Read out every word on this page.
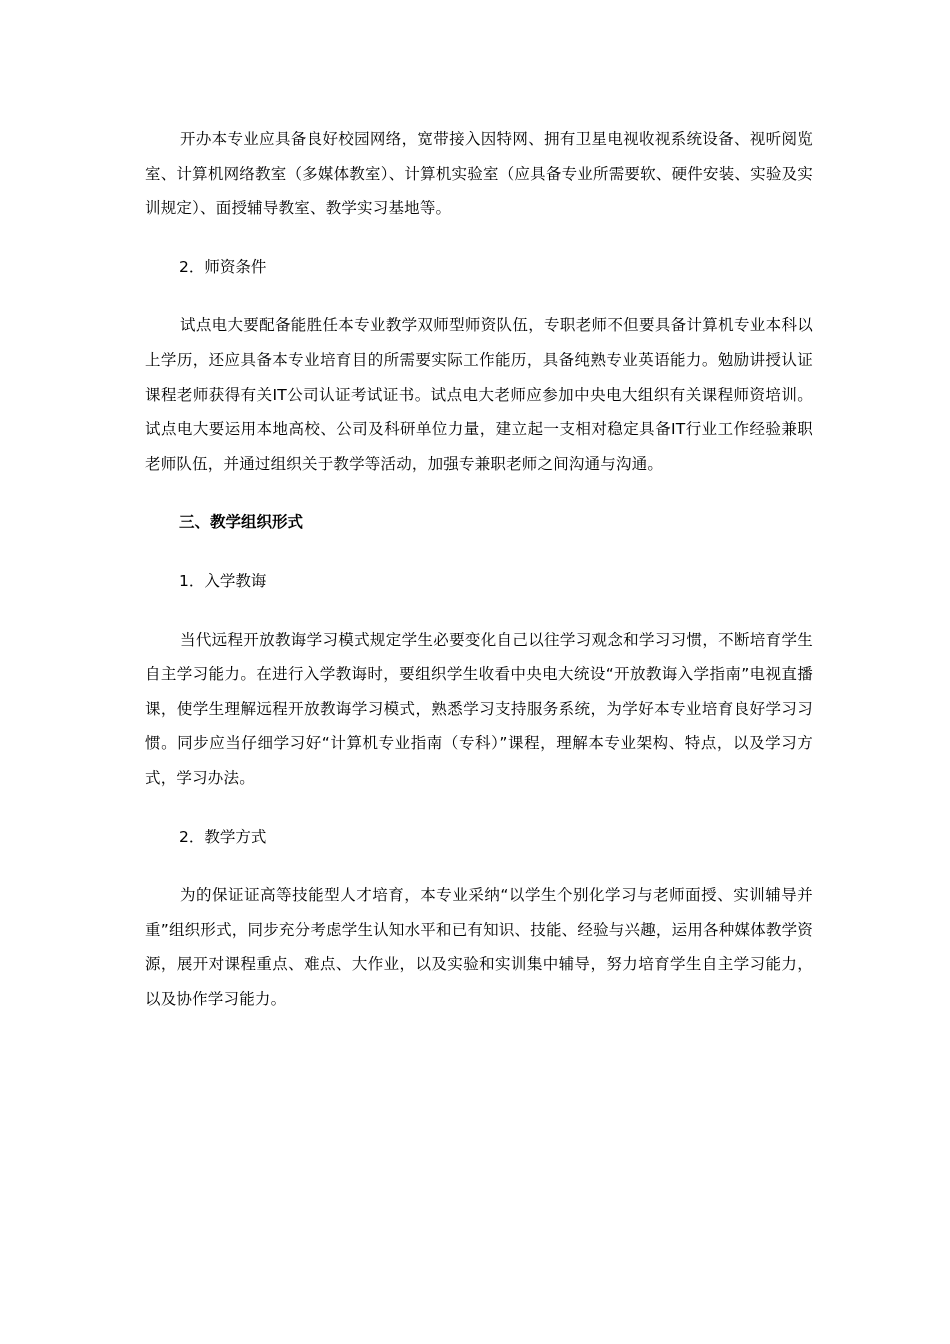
开办本专业应具备良好校园网络，宽带接入因特网、拥有卫星电视收视系统设备、视听阅览室、计算机网络教室（多媒体教室）、计算机实验室（应具备专业所需要软、硬件安装、实验及实训规定）、面授辅导教室、教学实习基地等。

2．师资条件

试点电大要配备能胜任本专业教学双师型师资队伍，专职老师不但要具备计算机专业本科以上学历，还应具备本专业培育目的所需要实际工作能历，具备纯熟专业英语能力。勉励讲授认证课程老师获得有关IT公司认证考试证书。试点电大老师应参加中央电大组织有关课程师资培训。试点电大要运用本地高校、公司及科研单位力量，建立起一支相对稳定具备IT行业工作经验兼职老师队伍，并通过组织关于教学等活动，加强专兼职老师之间沟通与沟通。

三、教学组织形式

1．入学教诲

当代远程开放教诲学习模式规定学生必要变化自己以往学习观念和学习习惯，不断培育学生自主学习能力。在进行入学教诲时，要组织学生收看中央电大统设“开放教诲入学指南”电视直播课，使学生理解远程开放教诲学习模式，熟悉学习支持服务系统，为学好本专业培育良好学习习惯。同步应当仔细学习好“计算机专业指南（专科）”课程，理解本专业架构、特点，以及学习方式，学习办法。

2．教学方式

为的保证证高等技能型人才培育，本专业采纳“以学生个别化学习与老师面授、实训辅导并重”组织形式，同步充分考虑学生认知水平和已有知识、技能、经验与兴趣，运用各种媒体教学资源，展开对课程重点、难点、大作业，以及实验和实训集中辅导，努力培育学生自主学习能力，以及协作学习能力。
